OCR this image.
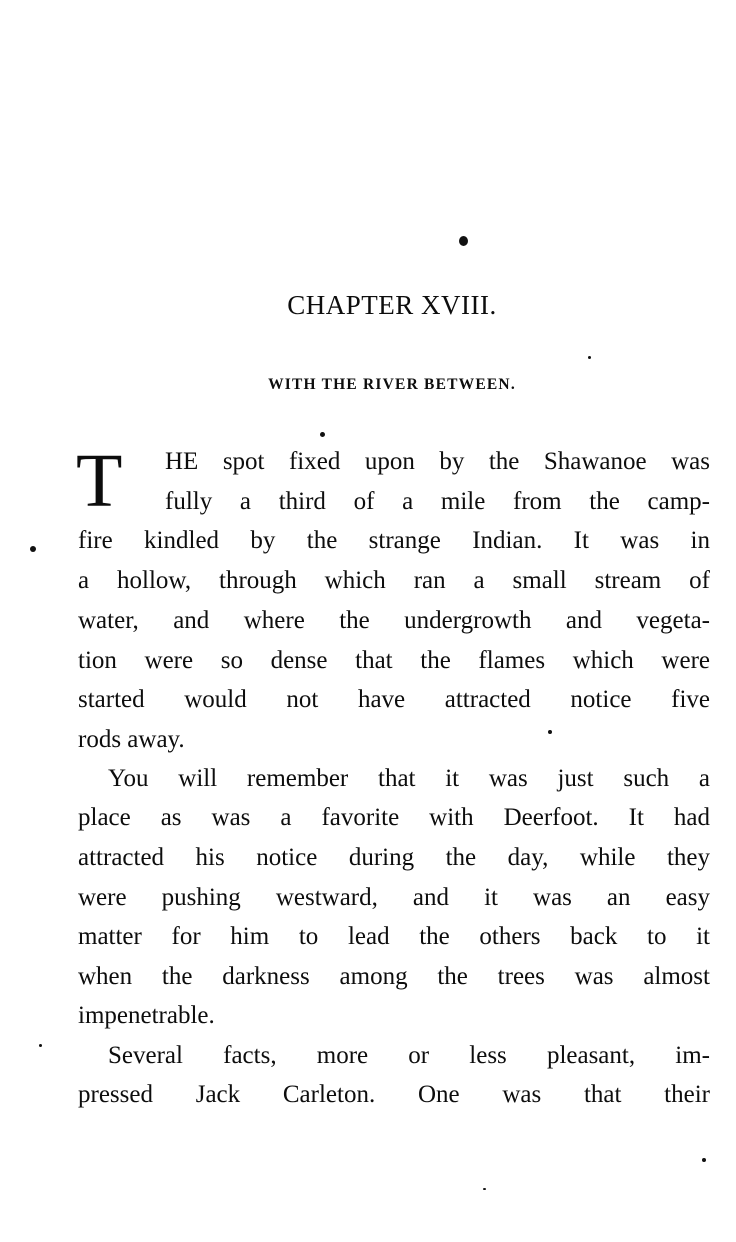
CHAPTER XVIII.
WITH THE RIVER BETWEEN.
T HE spot fixed upon by the Shawanoe was
fully a third of a mile from the camp-
fire kindled by the strange Indian. It was in
a hollow, through which ran a small stream of
water, and where the undergrowth and vegeta-
tion were so dense that the flames which were
started would not have attracted notice five
rods away.
You will remember that it was just such a
place as was a favorite with Deerfoot. It had
attracted his notice during the day, while they
were pushing westward, and it was an easy
matter for him to lead the others back to it
when the darkness among the trees was almost
impenetrable.
Several facts, more or less pleasant, im-
pressed Jack Carleton. One was that their
